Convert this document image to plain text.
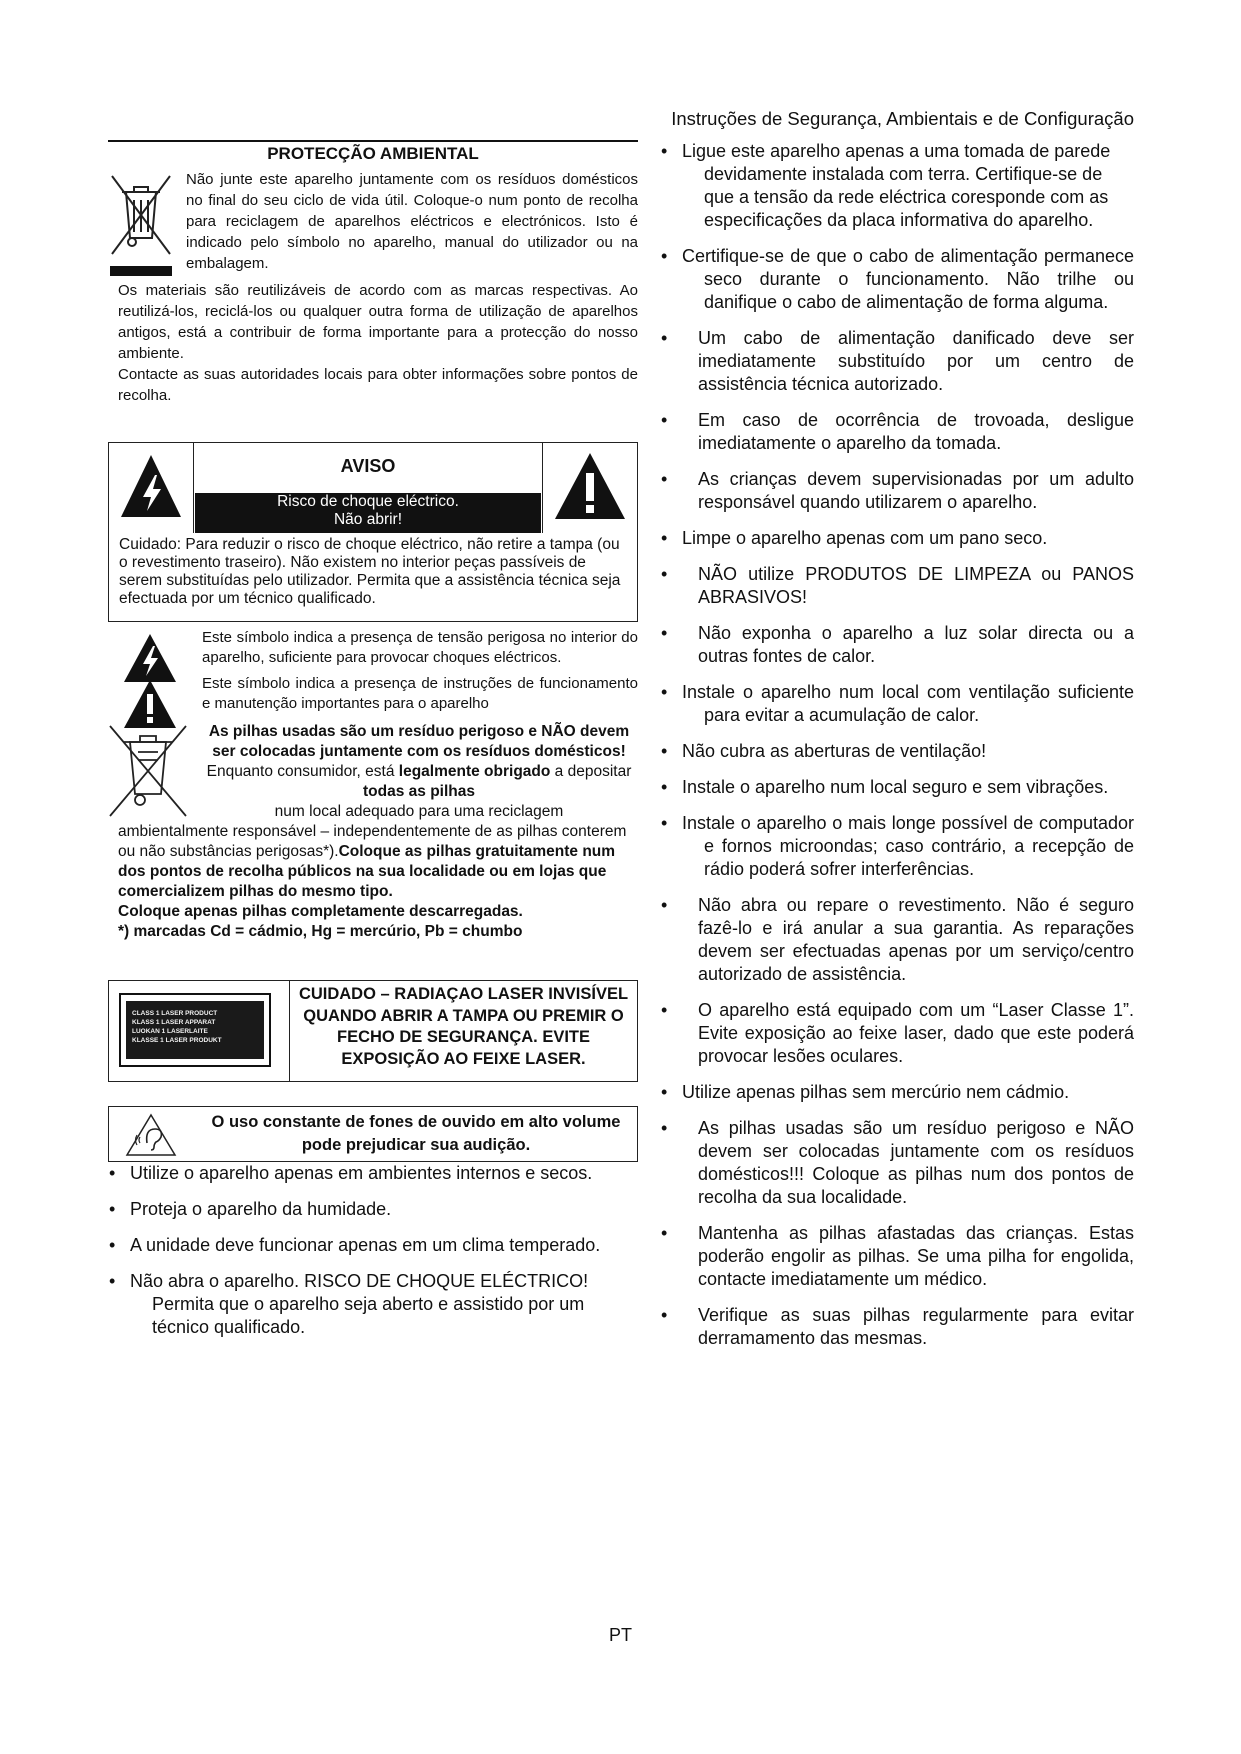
Instruções de Segurança, Ambientais e de Configuração
PROTECÇÃO AMBIENTAL
Não junte este aparelho juntamente com os resíduos domésticos no final do seu ciclo de vida útil. Coloque-o num ponto de recolha para reciclagem de aparelhos eléctricos e electrónicos. Isto é indicado pelo símbolo no aparelho, manual do utilizador ou na embalagem.

Os materiais são reutilizáveis de acordo com as marcas respectivas. Ao reutilizá-los, reciclá-los ou qualquer outra forma de utilização de aparelhos antigos, está a contribuir de forma importante para a protecção do nosso ambiente.

Contacte as suas autoridades locais para obter informações sobre pontos de recolha.

AVISO
Risco de choque eléctrico.
Não abrir!
Cuidado: Para reduzir o risco de choque eléctrico, não retire a tampa (ou o revestimento traseiro). Não existem no interior peças passíveis de serem substituídas pelo utilizador. Permita que a assistência técnica seja efectuada por um técnico qualificado.
Este símbolo indica a presença de tensão perigosa no interior do aparelho, suficiente para provocar choques eléctricos.
Este símbolo indica a presença de instruções de funcionamento e manutenção importantes para o aparelho
As pilhas usadas são um resíduo perigoso e NÃO devem ser colocadas juntamente com os resíduos domésticos! Enquanto consumidor, está legalmente obrigado a depositar todas as pilhas
num local adequado para uma reciclagem
ambientalmente responsável – independentemente de as pilhas conterem ou não substâncias perigosas*).Coloque as pilhas gratuitamente num dos pontos de recolha públicos na sua localidade ou em lojas que comercializem pilhas do mesmo tipo.
Coloque apenas pilhas completamente descarregadas.
*) marcadas Cd = cádmio, Hg = mercúrio, Pb = chumbo
CLASS 1 LASER PRODUCT
KLASS 1 LASER APPARAT
LUOKAN 1 LASERLAITE
KLASSE 1 LASER PRODUKT
CUIDADO – RADIAÇAO LASER INVISÍVEL QUANDO ABRIR A TAMPA OU PREMIR O FECHO DE SEGURANÇA. EVITE EXPOSIÇÃO AO FEIXE LASER.
O uso constante de fones de ouvido em alto volume pode prejudicar sua audição.
• Utilize o aparelho apenas em ambientes internos e secos.
• Proteja o aparelho da humidade.
• A unidade deve funcionar apenas em um clima temperado.
• Não abra o aparelho. RISCO DE CHOQUE ELÉCTRICO! Permita que o aparelho seja aberto e assistido por um técnico qualificado.
• Ligue este aparelho apenas a uma tomada de parede devidamente instalada com terra. Certifique-se de que a tensão da rede eléctrica coresponde com as especificações da placa informativa do aparelho.
• Certifique-se de que o cabo de alimentação permanece seco durante o funcionamento. Não trilhe ou danifique o cabo de alimentação de forma alguma.
• Um cabo de alimentação danificado deve ser imediatamente substituído por um centro de assistência técnica autorizado.
• Em caso de ocorrência de trovoada, desligue imediatamente o aparelho da tomada.
• As crianças devem supervisionadas por um adulto responsável quando utilizarem o aparelho.
• Limpe o aparelho apenas com um pano seco.
• NÃO utilize PRODUTOS DE LIMPEZA ou PANOS ABRASIVOS!
• Não exponha o aparelho a luz solar directa ou a outras fontes de calor.
• Instale o aparelho num local com ventilação suficiente para evitar a acumulação de calor.
• Não cubra as aberturas de ventilação!
• Instale o aparelho num local seguro e sem vibrações.
• Instale o aparelho o mais longe possível de computador e fornos microondas; caso contrário, a recepção de rádio poderá sofrer interferências.
• Não abra ou repare o revestimento. Não é seguro fazê-lo e irá anular a sua garantia. As reparações devem ser efectuadas apenas por um serviço/centro autorizado de assistência.
• O aparelho está equipado com um “Laser Classe 1”. Evite exposição ao feixe laser, dado que este poderá provocar lesões oculares.
• Utilize apenas pilhas sem mercúrio nem cádmio.
• As pilhas usadas são um resíduo perigoso e NÃO devem ser colocadas juntamente com os resíduos domésticos!!! Coloque as pilhas num dos pontos de recolha da sua localidade.
• Mantenha as pilhas afastadas das crianças. Estas poderão engolir as pilhas. Se uma pilha for engolida, contacte imediatamente um médico.
• Verifique as suas pilhas regularmente para evitar derramamento das mesmas.
PT
